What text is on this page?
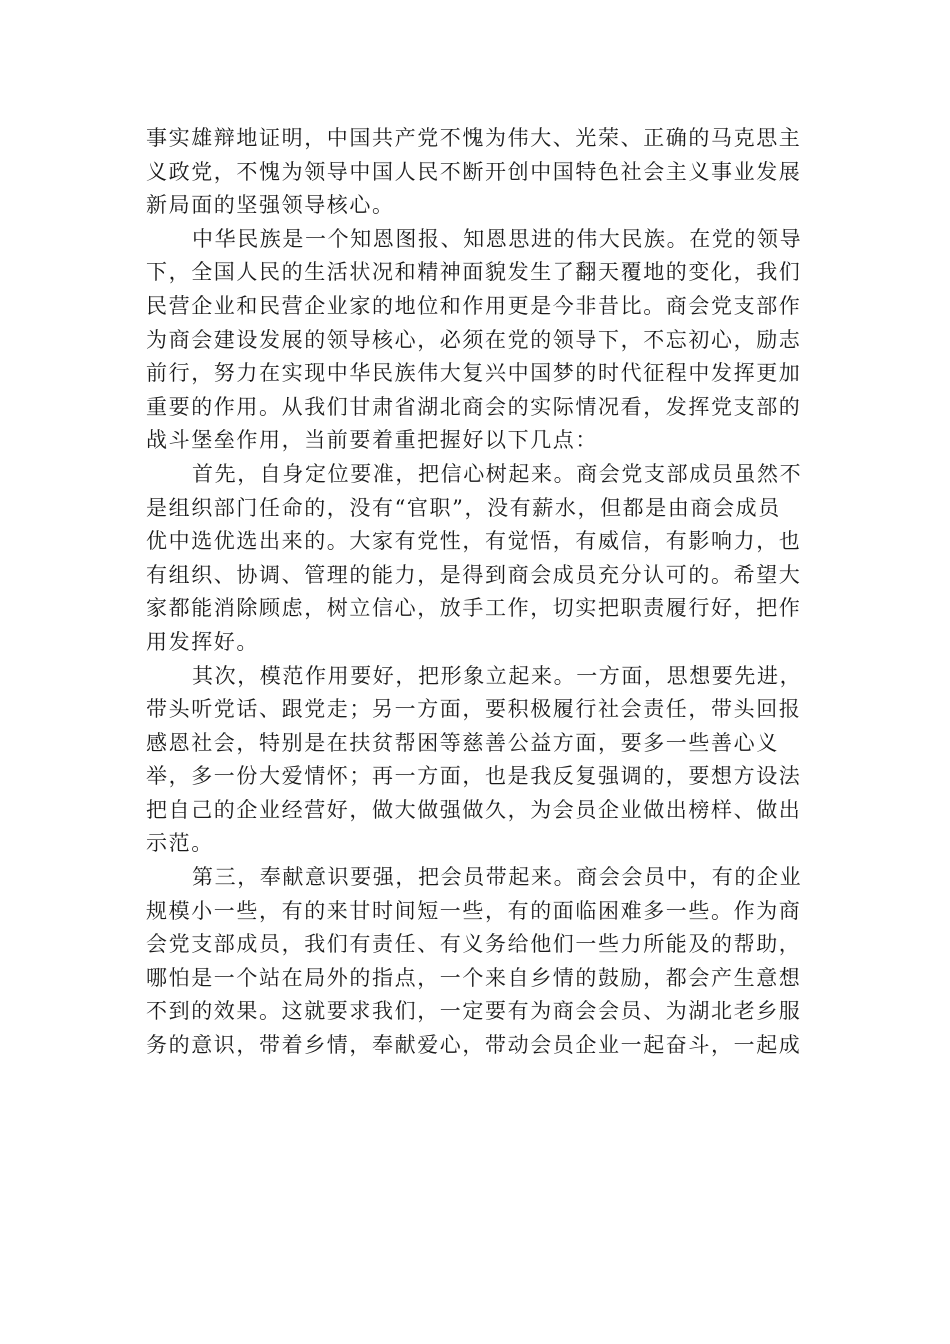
事实雄辩地证明，中国共产党不愧为伟大、光荣、正确的马克思主
义政党，不愧为领导中国人民不断开创中国特色社会主义事业发展
新局面的坚强领导核心。
中华民族是一个知恩图报、知恩思进的伟大民族。在党的领导
下，全国人民的生活状况和精神面貌发生了翻天覆地的变化，我们
民营企业和民营企业家的地位和作用更是今非昔比。商会党支部作
为商会建设发展的领导核心，必须在党的领导下，不忘初心，励志
前行，努力在实现中华民族伟大复兴中国梦的时代征程中发挥更加
重要的作用。从我们甘肃省湖北商会的实际情况看，发挥党支部的
战斗堡垒作用，当前要着重把握好以下几点：
首先，自身定位要准，把信心树起来。商会党支部成员虽然不
是组织部门任命的，没有“官职”，没有薪水，但都是由商会成员
优中选优选出来的。大家有党性，有觉悟，有威信，有影响力，也
有组织、协调、管理的能力，是得到商会成员充分认可的。希望大
家都能消除顾虑，树立信心，放手工作，切实把职责履行好，把作
用发挥好。
其次，模范作用要好，把形象立起来。一方面，思想要先进，
带头听党话、跟党走；另一方面，要积极履行社会责任，带头回报
感恩社会，特别是在扶贫帮困等慈善公益方面，要多一些善心义
举，多一份大爱情怀；再一方面，也是我反复强调的，要想方设法
把自己的企业经营好，做大做强做久，为会员企业做出榜样、做出
示范。
第三，奉献意识要强，把会员带起来。商会会员中，有的企业
规模小一些，有的来甘时间短一些，有的面临困难多一些。作为商
会党支部成员，我们有责任、有义务给他们一些力所能及的帮助，
哪怕是一个站在局外的指点，一个来自乡情的鼓励，都会产生意想
不到的效果。这就要求我们，一定要有为商会会员、为湖北老乡服
务的意识，带着乡情，奉献爱心，带动会员企业一起奋斗，一起成
